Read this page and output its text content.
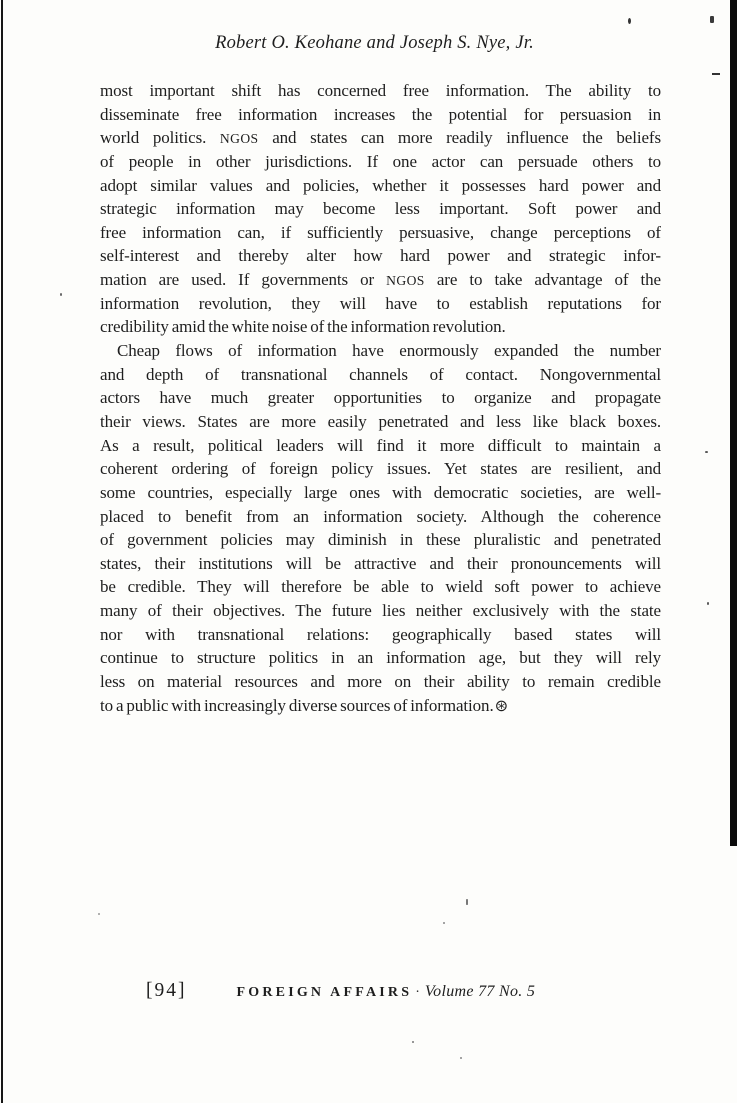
Robert O. Keohane and Joseph S. Nye, Jr.
most important shift has concerned free information. The ability to
disseminate free information increases the potential for persuasion in
world politics. NGOS and states can more readily influence the beliefs
of people in other jurisdictions. If one actor can persuade others to
adopt similar values and policies, whether it possesses hard power and
strategic information may become less important. Soft power and
free information can, if sufficiently persuasive, change perceptions of
self-interest and thereby alter how hard power and strategic infor-
mation are used. If governments or NGOS are to take advantage of the
information revolution, they will have to establish reputations for
credibility amid the white noise of the information revolution.
Cheap flows of information have enormously expanded the number
and depth of transnational channels of contact. Nongovernmental
actors have much greater opportunities to organize and propagate
their views. States are more easily penetrated and less like black boxes.
As a result, political leaders will find it more difficult to maintain a
coherent ordering of foreign policy issues. Yet states are resilient, and
some countries, especially large ones with democratic societies, are well-
placed to benefit from an information society. Although the coherence
of government policies may diminish in these pluralistic and penetrated
states, their institutions will be attractive and their pronouncements will
be credible. They will therefore be able to wield soft power to achieve
many of their objectives. The future lies neither exclusively with the state
nor with transnational relations: geographically based states will
continue to structure politics in an information age, but they will rely
less on material resources and more on their ability to remain credible
to a public with increasingly diverse sources of information.⊛
[94]	FOREIGN AFFAIRS · Volume 77 No. 5
